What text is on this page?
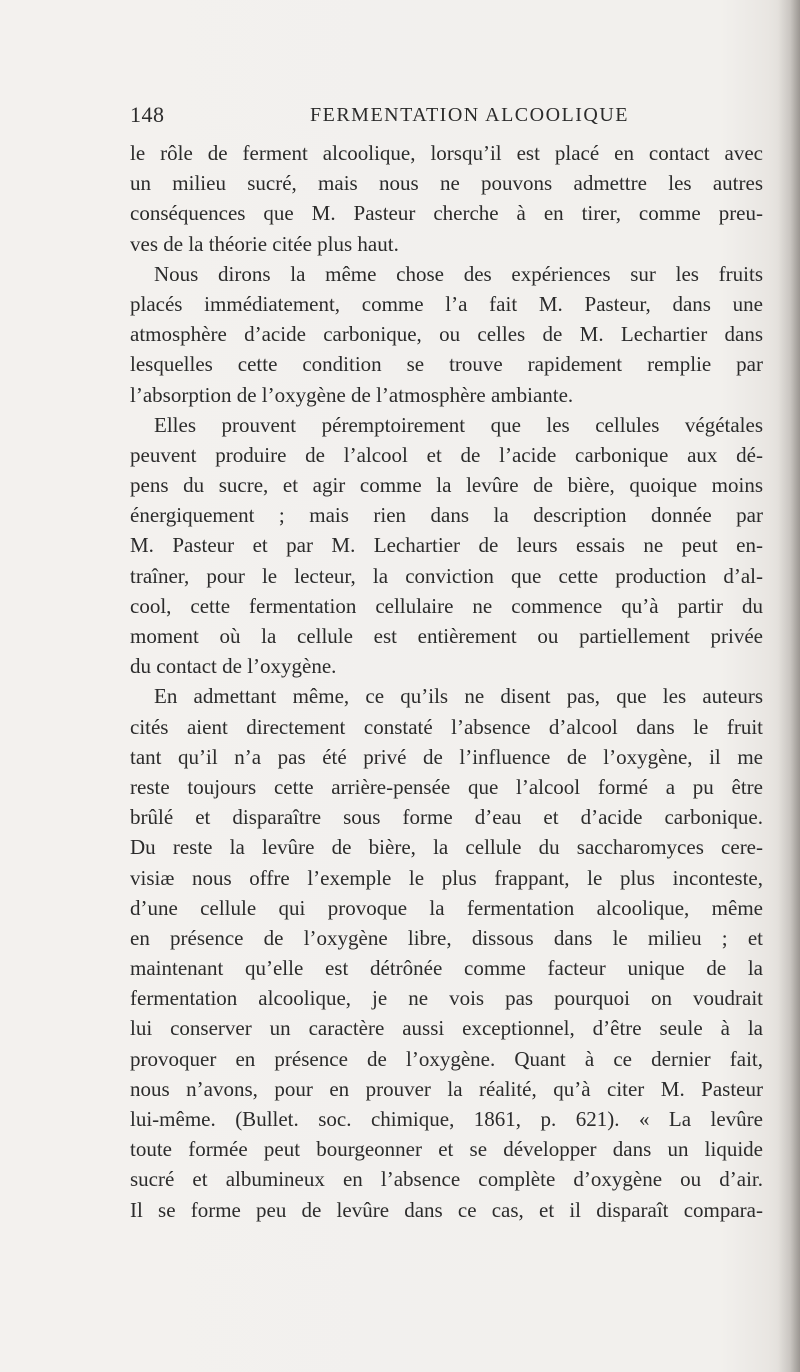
148	FERMENTATION ALCOOLIQUE
le rôle de ferment alcoolique, lorsqu’il est placé en contact avec
un milieu sucré, mais nous ne pouvons admettre les autres
conséquences que M. Pasteur cherche à en tirer, comme preu-
ves de la théorie citée plus haut.
Nous dirons la même chose des expériences sur les fruits
placés immédiatement, comme l’a fait M. Pasteur, dans une
atmosphère d’acide carbonique, ou celles de M. Lechartier dans
lesquelles cette condition se trouve rapidement remplie par
l’absorption de l’oxygène de l’atmosphère ambiante.
Elles prouvent péremptoirement que les cellules végétales
peuvent produire de l’alcool et de l’acide carbonique aux dé-
pens du sucre, et agir comme la levûre de bière, quoique moins
énergiquement ; mais rien dans la description donnée par
M. Pasteur et par M. Lechartier de leurs essais ne peut en-
traîner, pour le lecteur, la conviction que cette production d’al-
cool, cette fermentation cellulaire ne commence qu’à partir du
moment où la cellule est entièrement ou partiellement privée
du contact de l’oxygène.
En admettant même, ce qu’ils ne disent pas, que les auteurs
cités aient directement constaté l’absence d’alcool dans le fruit
tant qu’il n’a pas été privé de l’influence de l’oxygène, il me
reste toujours cette arrière-pensée que l’alcool formé a pu être
brûlé et disparaître sous forme d’eau et d’acide carbonique.
Du reste la levûre de bière, la cellule du saccharomyces cere-
visiæ nous offre l’exemple le plus frappant, le plus inconteste,
d’une cellule qui provoque la fermentation alcoolique, même
en présence de l’oxygène libre, dissous dans le milieu ; et
maintenant qu’elle est détrônée comme facteur unique de la
fermentation alcoolique, je ne vois pas pourquoi on voudrait
lui conserver un caractère aussi exceptionnel, d’être seule à la
provoquer en présence de l’oxygène. Quant à ce dernier fait,
nous n’avons, pour en prouver la réalité, qu’à citer M. Pasteur
lui-même. (Bullet. soc. chimique, 1861, p. 621). « La levûre
toute formée peut bourgeonner et se développer dans un liquide
sucré et albumineux en l’absence complète d’oxygène ou d’air.
Il se forme peu de levûre dans ce cas, et il disparaît compara-
